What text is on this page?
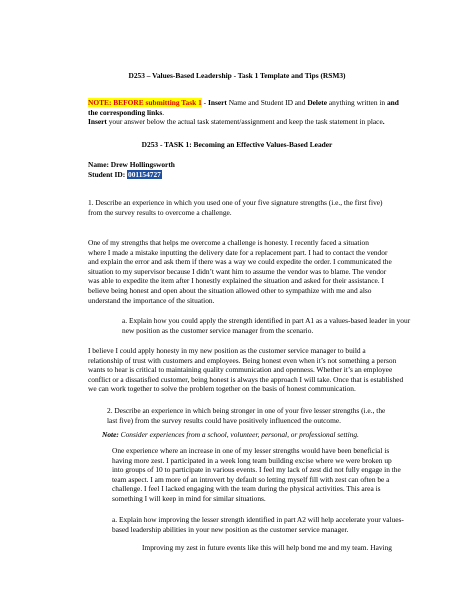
D253 – Values-Based Leadership - Task 1 Template and Tips (RSM3)
NOTE: BEFORE submitting Task 1 - Insert Name and Student ID and Delete anything written in and
the corresponding links.
Insert your answer below the actual task statement/assignment and keep the task statement in place.
D253 - TASK 1: Becoming an Effective Values-Based Leader
Name: Drew Hollingsworth
Student ID: 001154727
1. Describe an experience in which you used one of your five signature strengths (i.e., the first five)
from the survey results to overcome a challenge.
One of my strengths that helps me overcome a challenge is honesty. I recently faced a situation
where I made a mistake inputting the delivery date for a replacement part. I had to contact the vendor
and explain the error and ask them if there was a way we could expedite the order. I communicated the
situation to my supervisor because I didn’t want him to assume the vendor was to blame. The vendor
was able to expedite the item after I honestly explained the situation and asked for their assistance. I
believe being honest and open about the situation allowed other to sympathize with me and also
understand the importance of the situation.
a. Explain how you could apply the strength identified in part A1 as a values-based leader in your
new position as the customer service manager from the scenario.
I believe I could apply honesty in my new position as the customer service manager to build a
relationship of trust with customers and employees. Being honest even when it’s not something a person
wants to hear is critical to maintaining quality communication and openness. Whether it’s an employee
conflict or a dissatisfied customer, being honest is always the approach I will take. Once that is established
we can work together to solve the problem together on the basis of honest communication.
2. Describe an experience in which being stronger in one of your five lesser strengths (i.e., the
last five) from the survey results could have positively influenced the outcome.
Note: Consider experiences from a school, volunteer, personal, or professional setting.
One experience where an increase in one of my lesser strengths would have been beneficial is
having more zest. I participated in a week long team building excise where we were broken up
into groups of 10 to participate in various events. I feel my lack of zest did not fully engage in the
team aspect. I am more of an introvert by default so letting myself fill with zest can often be a
challenge. I feel I lacked engaging with the team during the physical activities. This area is
something I will keep in mind for similar situations.
a. Explain how improving the lesser strength identified in part A2 will help accelerate your values-
based leadership abilities in your new position as the customer service manager.
Improving my zest in future events like this will help bond me and my team. Having
